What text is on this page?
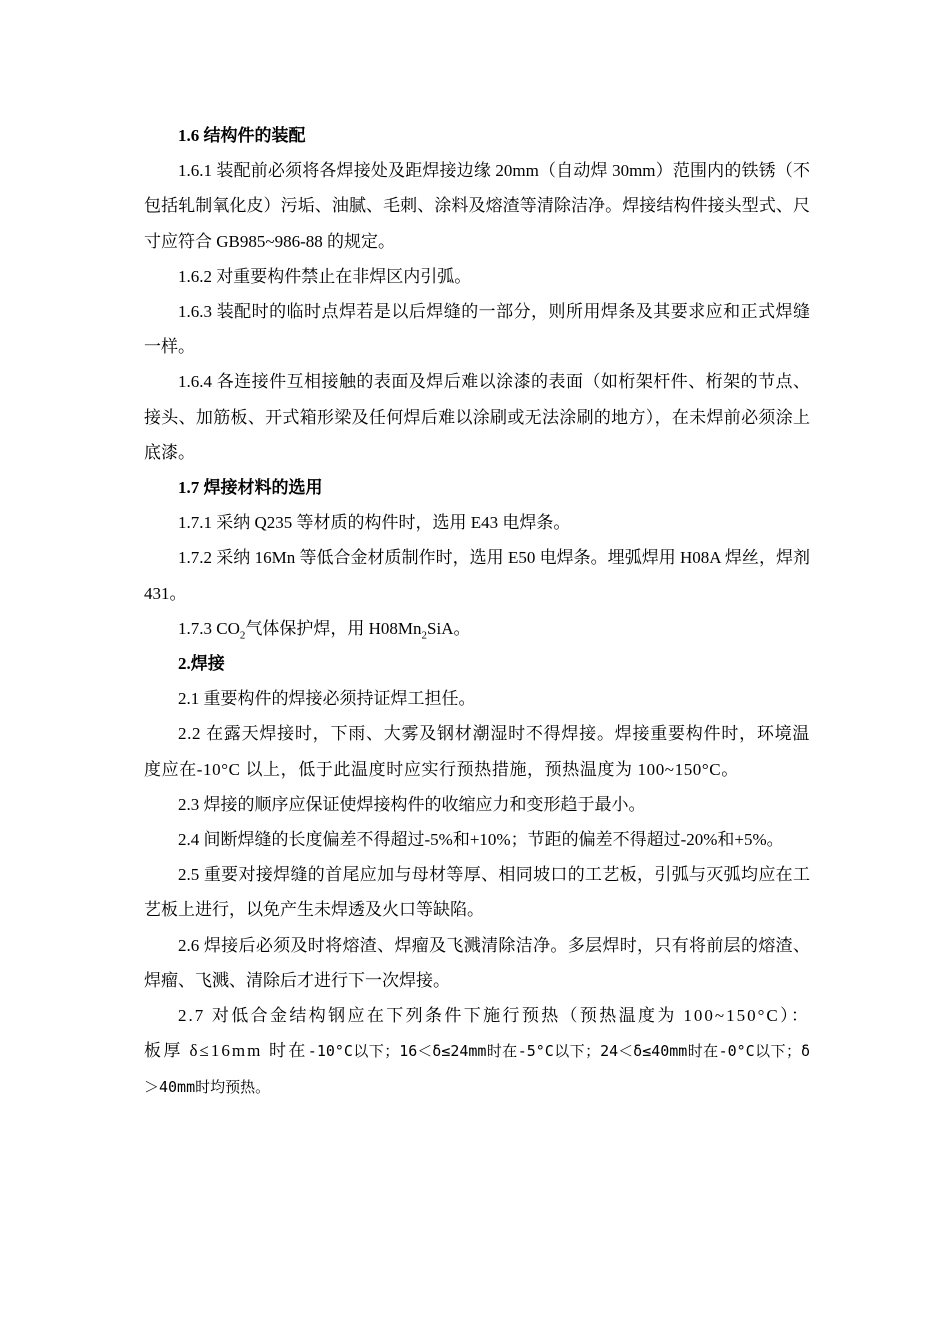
1.6 结构件的装配

1.6.1 装配前必须将各焊接处及距焊接边缘 20mm（自动焊 30mm）范围内的铁锈（不包括轧制氧化皮）污垢、油腻、毛刺、涂料及熔渣等清除洁净。焊接结构件接头型式、尺寸应符合 GB985~986-88 的规定。

1.6.2 对重要构件禁止在非焊区内引弧。

1.6.3 装配时的临时点焊若是以后焊缝的一部分，则所用焊条及其要求应和正式焊缝一样。

1.6.4 各连接件互相接触的表面及焊后难以涂漆的表面（如桁架杆件、桁架的节点、接头、加筋板、开式箱形梁及任何焊后难以涂刷或无法涂刷的地方），在未焊前必须涂上底漆。

1.7 焊接材料的选用

1.7.1 采纳 Q235 等材质的构件时，选用 E43 电焊条。

1.7.2 采纳 16Mn 等低合金材质制作时，选用 E50 电焊条。埋弧焊用 H08A 焊丝，焊剂 431。

1.7.3 $CO_2$气体保护焊，用 $H08Mn_2SiA$。

2.焊接

2.1 重要构件的焊接必须持证焊工担任。

2.2 在露天焊接时，下雨、大雾及钢材潮湿时不得焊接。焊接重要构件时，环境温度应在-10°C 以上，低于此温度时应实行预热措施，预热温度为 100~150°C。

2.3 焊接的顺序应保证使焊接构件的收缩应力和变形趋于最小。

2.4 间断焊缝的长度偏差不得超过-5%和+10%；节距的偏差不得超过-20%和+5%。

2.5 重要对接焊缝的首尾应加与母材等厚、相同坡口的工艺板，引弧与灭弧均应在工艺板上进行，以免产生未焊透及火口等缺陷。

2.6 焊接后必须及时将熔渣、焊瘤及飞溅清除洁净。多层焊时，只有将前层的熔渣、焊瘤、飞溅、清除后才进行下一次焊接。

2.7 对低合金结构钢应在下列条件下施行预热（预热温度为 100~150°C）：板厚 δ≤16mm 时在-10°C以下；16＜δ≤24mm时在-5°C以下；24＜δ≤40mm时在-0°C以下；δ＞40mm时均预热。
